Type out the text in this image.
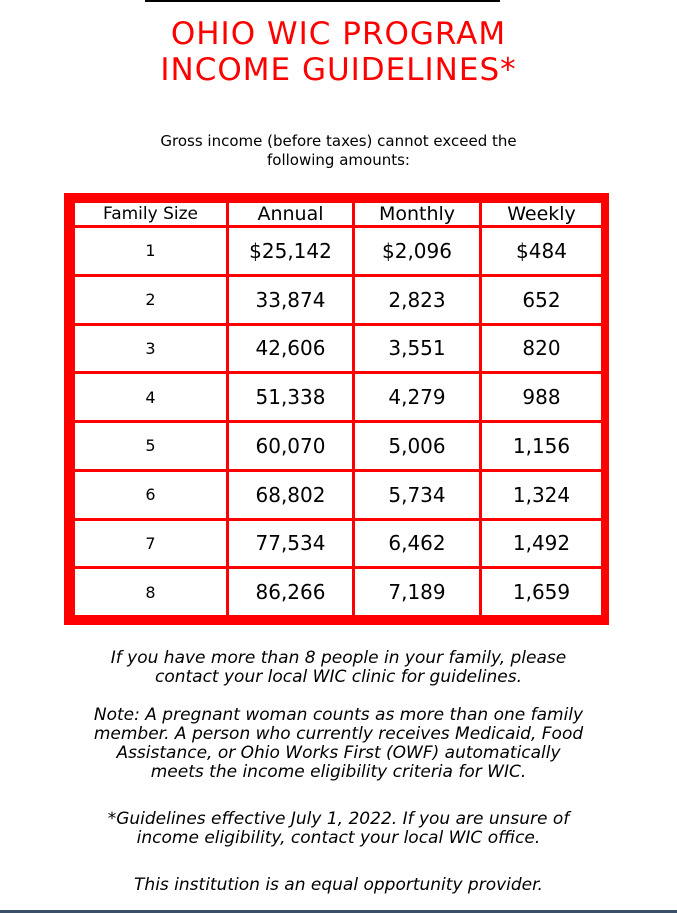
OHIO WIC PROGRAM
INCOME GUIDELINES*
Gross income (before taxes) cannot exceed the
following amounts:
Family Size	Annual	Monthly	Weekly
1	$25,142	$2,096	$484
2	33,874	2,823	652
3	42,606	3,551	820
4	51,338	4,279	988
5	60,070	5,006	1,156
6	68,802	5,734	1,324
7	77,534	6,462	1,492
8	86,266	7,189	1,659

If you have more than 8 people in your family, please

contact your local WIC clinic for guidelines.

Note: A pregnant woman counts as more than one family

member. A person who currently receives Medicaid, Food

Assistance, or Ohio Works First (OWF) automatically

meets the income eligibility criteria for WIC.

*Guidelines effective July 1, 2022. If you are unsure of

income eligibility, contact your local WIC office.

This institution is an equal opportunity provider.
